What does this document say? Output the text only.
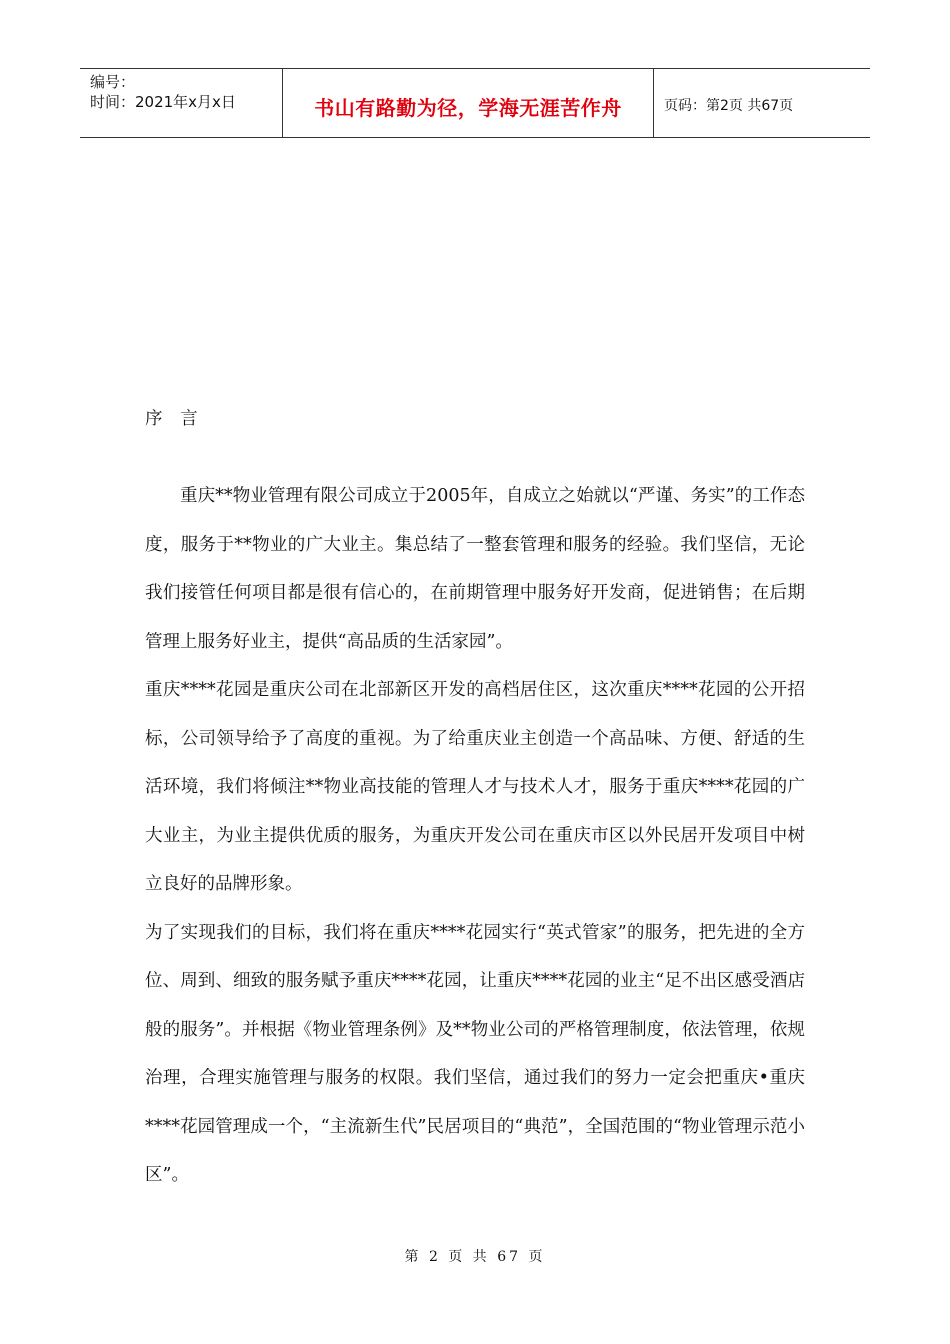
编号：
时间：2021年x月x日	书山有路勤为径，学海无涯苦作舟	页码：第2页 共67页
序 言

重庆**物业管理有限公司成立于2005年，自成立之始就以“严谨、务实”的工作态度，服务于**物业的广大业主。集总结了一整套管理和服务的经验。我们坚信，无论我们接管任何项目都是很有信心的，在前期管理中服务好开发商，促进销售；在后期管理上服务好业主，提供“高品质的生活家园”。

重庆****花园是重庆公司在北部新区开发的高档居住区，这次重庆****花园的公开招标，公司领导给予了高度的重视。为了给重庆业主创造一个高品味、方便、舒适的生活环境，我们将倾注**物业高技能的管理人才与技术人才，服务于重庆****花园的广大业主，为业主提供优质的服务，为重庆开发公司在重庆市区以外民居开发项目中树立良好的品牌形象。

为了实现我们的目标，我们将在重庆****花园实行“英式管家”的服务，把先进的全方位、周到、细致的服务赋予重庆****花园，让重庆****花园的业主“足不出区感受酒店般的服务”。并根据《物业管理条例》及**物业公司的严格管理制度，依法管理，依规治理，合理实施管理与服务的权限。我们坚信，通过我们的努力一定会把重庆•重庆****花园管理成一个，“主流新生代”民居项目的“典范”，全国范围的“物业管理示范小区”。

第 2 页 共 67 页
